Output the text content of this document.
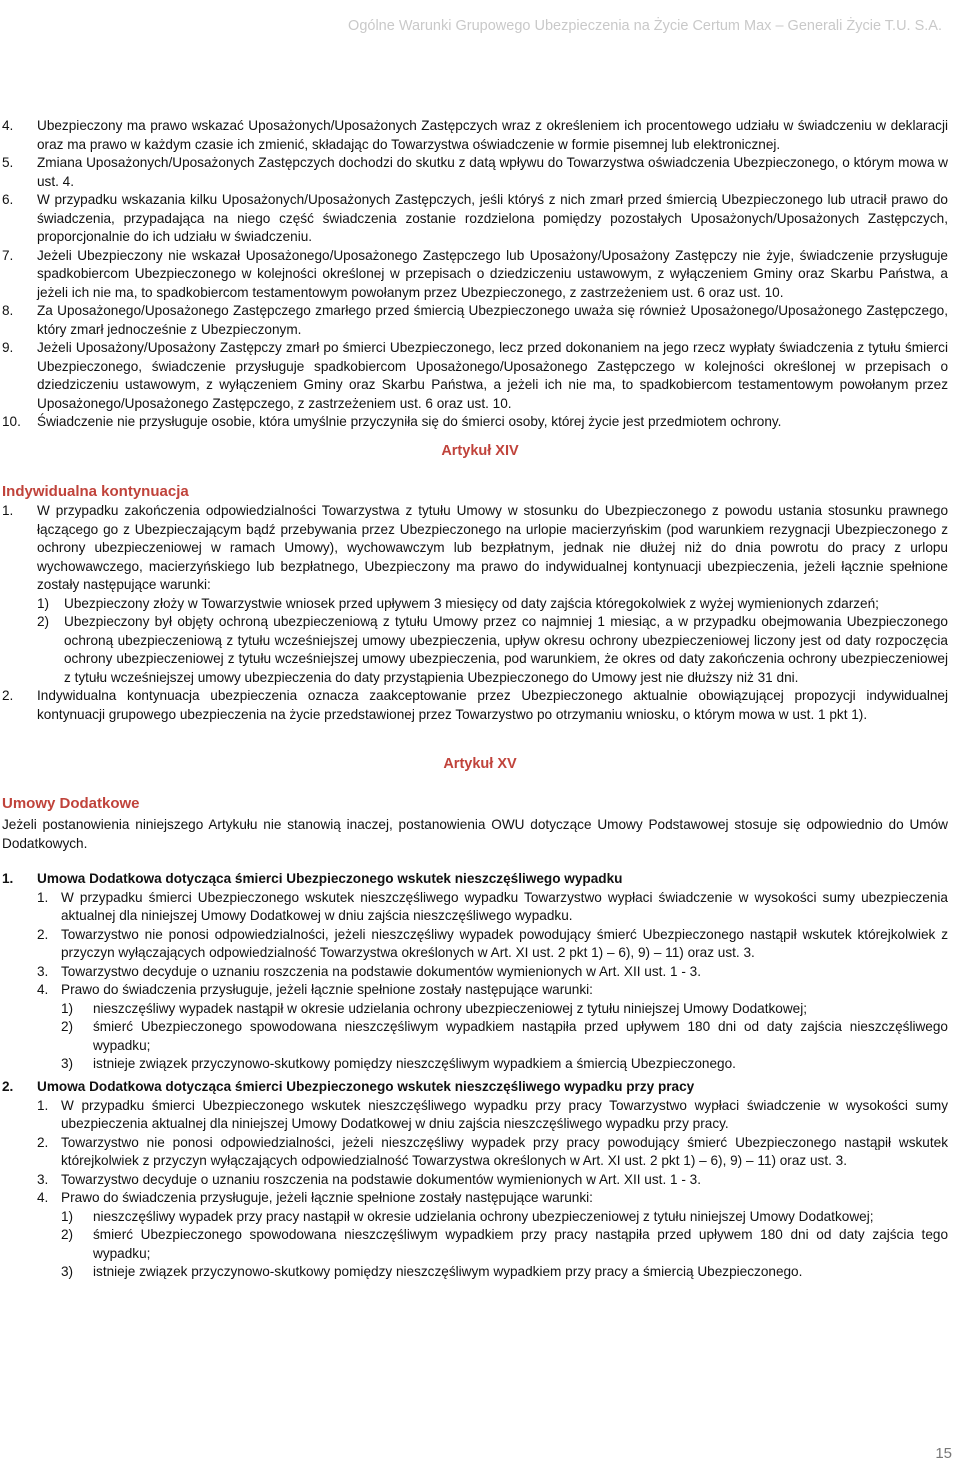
Ogólne Warunki Grupowego Ubezpieczenia na Życie Certum Max – Generali Życie T.U. S.A.
4.	Ubezpieczony ma prawo wskazać Uposażonych/Uposażonych Zastępczych wraz z określeniem ich procentowego udziału w świadczeniu w deklaracji oraz ma prawo w każdym czasie ich zmienić, składając do Towarzystwa oświadczenie w formie pisemnej lub elektronicznej.
5.	Zmiana Uposażonych/Uposażonych Zastępczych dochodzi do skutku z datą wpływu do Towarzystwa oświadczenia Ubezpieczonego, o którym mowa w ust. 4.
6.	W przypadku wskazania kilku Uposażonych/Uposażonych Zastępczych, jeśli któryś z nich zmarł przed śmiercią Ubezpieczonego lub utracił prawo do świadczenia, przypadająca na niego część świadczenia zostanie rozdzielona pomiędzy pozostałych Uposażonych/Uposażonych Zastępczych, proporcjonalnie do ich udziału w świadczeniu.
7.	Jeżeli Ubezpieczony nie wskazał Uposażonego/Uposażonego Zastępczego lub Uposażony/Uposażony Zastępczy nie żyje, świadczenie przysługuje spadkobiercom Ubezpieczonego w kolejności określonej w przepisach o dziedziczeniu ustawowym, z wyłączeniem Gminy oraz Skarbu Państwa, a jeżeli ich nie ma, to spadkobiercom testamentowym powołanym przez Ubezpieczonego, z zastrzeżeniem ust. 6 oraz ust. 10.
8.	Za Uposażonego/Uposażonego Zastępczego zmarłego przed śmiercią Ubezpieczonego uważa się również Uposażonego/Uposażonego Zastępczego, który zmarł jednocześnie z Ubezpieczonym.
9.	Jeżeli Uposażony/Uposażony Zastępczy zmarł po śmierci Ubezpieczonego, lecz przed dokonaniem na jego rzecz wypłaty świadczenia z tytułu śmierci Ubezpieczonego, świadczenie przysługuje spadkobiercom Uposażonego/Uposażonego Zastępczego w kolejności określonej w przepisach o dziedziczeniu ustawowym, z wyłączeniem Gminy oraz Skarbu Państwa, a jeżeli ich nie ma, to spadkobiercom testamentowym powołanym przez Uposażonego/Uposażonego Zastępczego, z zastrzeżeniem ust. 6 oraz ust. 10.
10.	Świadczenie nie przysługuje osobie, która umyślnie przyczyniła się do śmierci osoby, której życie jest przedmiotem ochrony.
Artykuł XIV
Indywidualna kontynuacja
1.	W przypadku zakończenia odpowiedzialności Towarzystwa z tytułu Umowy w stosunku do Ubezpieczonego z powodu ustania stosunku prawnego łączącego go z Ubezpieczającym bądź przebywania przez Ubezpieczonego na urlopie macierzyńskim (pod warunkiem rezygnacji Ubezpieczonego z ochrony ubezpieczeniowej w ramach Umowy), wychowawczym lub bezpłatnym, jednak nie dłużej niż do dnia powrotu do pracy z urlopu wychowawczego, macierzyńskiego lub bezpłatnego, Ubezpieczony ma prawo do indywidualnej kontynuacji ubezpieczenia, jeżeli łącznie spełnione zostały następujące warunki:
1)	Ubezpieczony złoży w Towarzystwie wniosek przed upływem 3 miesięcy od daty zajścia któregokolwiek z wyżej wymienionych zdarzeń;
2)	Ubezpieczony był objęty ochroną ubezpieczeniową z tytułu Umowy przez co najmniej 1 miesiąc, a w przypadku obejmowania Ubezpieczonego ochroną ubezpieczeniową z tytułu wcześniejszej umowy ubezpieczenia, upływ okresu ochrony ubezpieczeniowej liczony jest od daty rozpoczęcia ochrony ubezpieczeniowej z tytułu wcześniejszej umowy ubezpieczenia, pod warunkiem, że okres od daty zakończenia ochrony ubezpieczeniowej z tytułu wcześniejszej umowy ubezpieczenia do daty przystąpienia Ubezpieczonego do Umowy jest nie dłuższy niż 31 dni.
2.	Indywidualna kontynuacja ubezpieczenia oznacza zaakceptowanie przez Ubezpieczonego aktualnie obowiązującej propozycji indywidualnej kontynuacji grupowego ubezpieczenia na życie przedstawionej przez Towarzystwo po otrzymaniu wniosku, o którym mowa w ust. 1 pkt 1).
Artykuł XV
Umowy Dodatkowe

Jeżeli postanowienia niniejszego Artykułu nie stanowią inaczej, postanowienia OWU dotyczące Umowy Podstawowej stosuje się odpowiednio do Umów Dodatkowych.

1.	Umowa Dodatkowa dotycząca śmierci Ubezpieczonego wskutek nieszczęśliwego wypadku
1. W przypadku śmierci Ubezpieczonego wskutek nieszczęśliwego wypadku Towarzystwo wypłaci świadczenie w wysokości sumy ubezpieczenia aktualnej dla niniejszej Umowy Dodatkowej w dniu zajścia nieszczęśliwego wypadku.
2. Towarzystwo nie ponosi odpowiedzialności, jeżeli nieszczęśliwy wypadek powodujący śmierć Ubezpieczonego nastąpił wskutek którejkolwiek z przyczyn wyłączających odpowiedzialność Towarzystwa określonych w Art. XI ust. 2 pkt 1) – 6), 9) – 11) oraz ust. 3.
3. Towarzystwo decyduje o uznaniu roszczenia na podstawie dokumentów wymienionych w Art. XII ust. 1 - 3.
4. Prawo do świadczenia przysługuje, jeżeli łącznie spełnione zostały następujące warunki:
1)	nieszczęśliwy wypadek nastąpił w okresie udzielania ochrony ubezpieczeniowej z tytułu niniejszej Umowy Dodatkowej;
2)	śmierć Ubezpieczonego spowodowana nieszczęśliwym wypadkiem nastąpiła przed upływem 180 dni od daty zajścia nieszczęśliwego wypadku;
3)	istnieje związek przyczynowo-skutkowy pomiędzy nieszczęśliwym wypadkiem a śmiercią Ubezpieczonego.
2.	Umowa Dodatkowa dotycząca śmierci Ubezpieczonego wskutek nieszczęśliwego wypadku przy pracy
1. W przypadku śmierci Ubezpieczonego wskutek nieszczęśliwego wypadku przy pracy Towarzystwo wypłaci świadczenie w wysokości sumy ubezpieczenia aktualnej dla niniejszej Umowy Dodatkowej w dniu zajścia nieszczęśliwego wypadku przy pracy.
2. Towarzystwo nie ponosi odpowiedzialności, jeżeli nieszczęśliwy wypadek przy pracy powodujący śmierć Ubezpieczonego nastąpił wskutek którejkolwiek z przyczyn wyłączających odpowiedzialność Towarzystwa określonych w Art. XI ust. 2 pkt 1) – 6), 9) – 11) oraz ust. 3.
3. Towarzystwo decyduje o uznaniu roszczenia na podstawie dokumentów wymienionych w Art. XII ust. 1 - 3.
4. Prawo do świadczenia przysługuje, jeżeli łącznie spełnione zostały następujące warunki:
1)	nieszczęśliwy wypadek przy pracy nastąpił w okresie udzielania ochrony ubezpieczeniowej z tytułu niniejszej Umowy Dodatkowej;
2)	śmierć Ubezpieczonego spowodowana nieszczęśliwym wypadkiem przy pracy nastąpiła przed upływem 180 dni od daty zajścia tego wypadku;
3)	istnieje związek przyczynowo-skutkowy pomiędzy nieszczęśliwym wypadkiem przy pracy a śmiercią Ubezpieczonego.
15
